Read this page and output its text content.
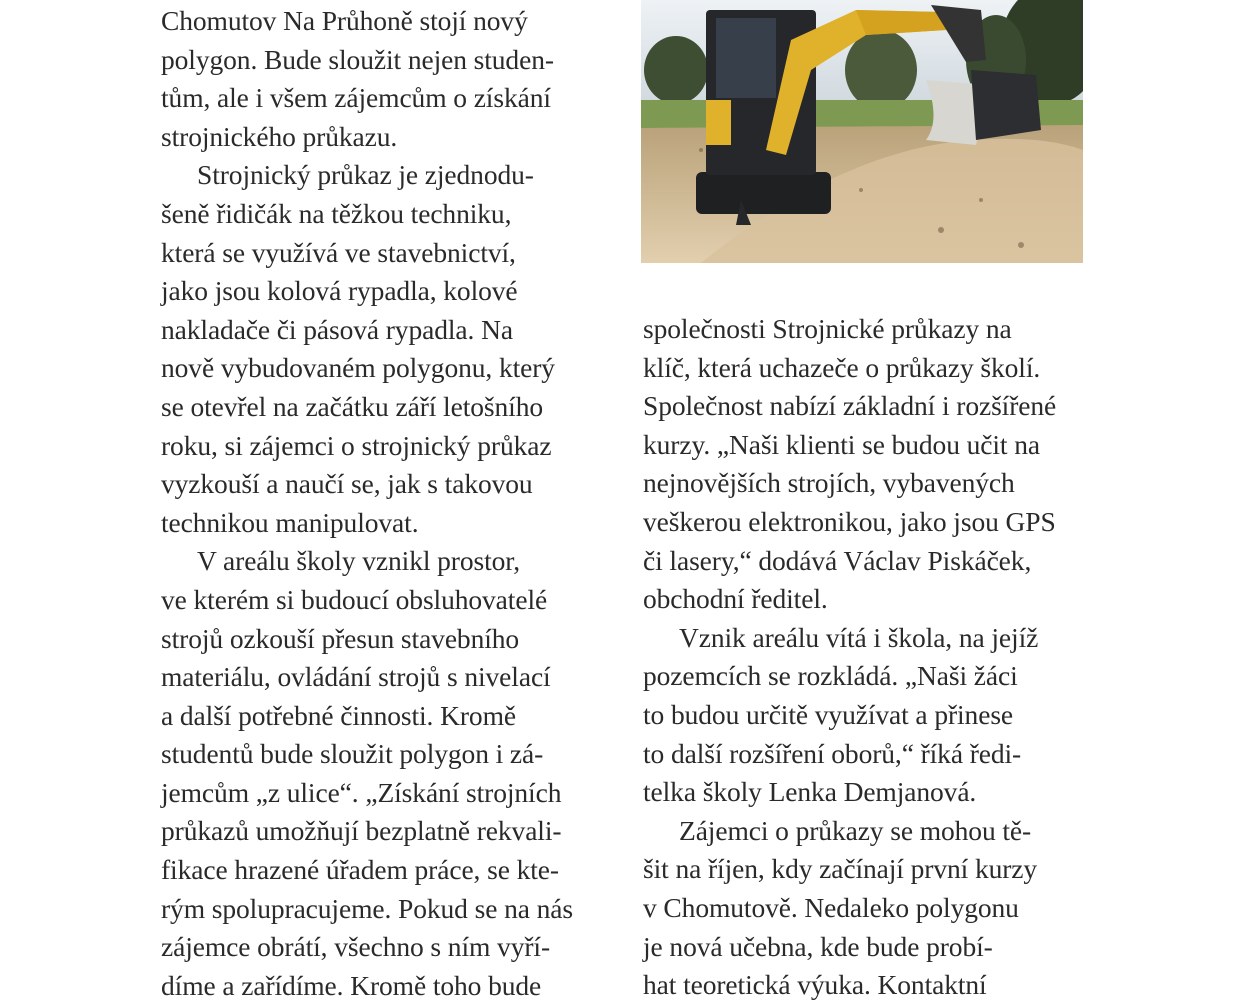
Chomutov Na Průhoně stojí nový
polygon. Bude sloužit nejen studen-
tům, ale i všem zájemcům o získání
strojnického průkazu.
Strojnický průkaz je zjednodu-
šeně řidičák na těžkou techniku,
která se využívá ve stavebnictví,
jako jsou kolová rypadla, kolové
nakladače či pásová rypadla. Na
nově vybudovaném polygonu, který
se otevřel na začátku září letošního
roku, si zájemci o strojnický průkaz
vyzkouší a naučí se, jak s takovou
technikou manipulovat.
V areálu školy vznikl prostor,
ve kterém si budoucí obsluhovatelé
strojů ozkouší přesun stavebního
materiálu, ovládání strojů s nivelací
a další potřebné činnosti. Kromě
studentů bude sloužit polygon i zá-
jemcům „z ulice“. „Získání strojních
průkazů umožňují bezplatně rekvali-
fikace hrazené úřadem práce, se kte-
rým spolupracujeme. Pokud se na nás
zájemce obrátí, všechno s ním vyří-
díme a zařídíme. Kromě toho bude
společnosti Strojnické průkazy na
klíč, která uchazeče o průkazy školí.
Společnost nabízí základní i rozšířené
kurzy. „Naši klienti se budou učit na
nejnovějších strojích, vybavených
veškerou elektronikou, jako jsou GPS
či lasery,“ dodává Václav Piskáček,
obchodní ředitel.
Vznik areálu vítá i škola, na jejíž
pozemcích se rozkládá. „Naši žáci
to budou určitě využívat a přinese
to další rozšíření oborů,“ říká ředi-
telka školy Lenka Demjanová.
Zájemci o průkazy se mohou tě-
šit na říjen, kdy začínají první kurzy
v Chomutově. Nedaleko polygonu
je nová učebna, kde bude probí-
hat teoretická výuka. Kontaktní
